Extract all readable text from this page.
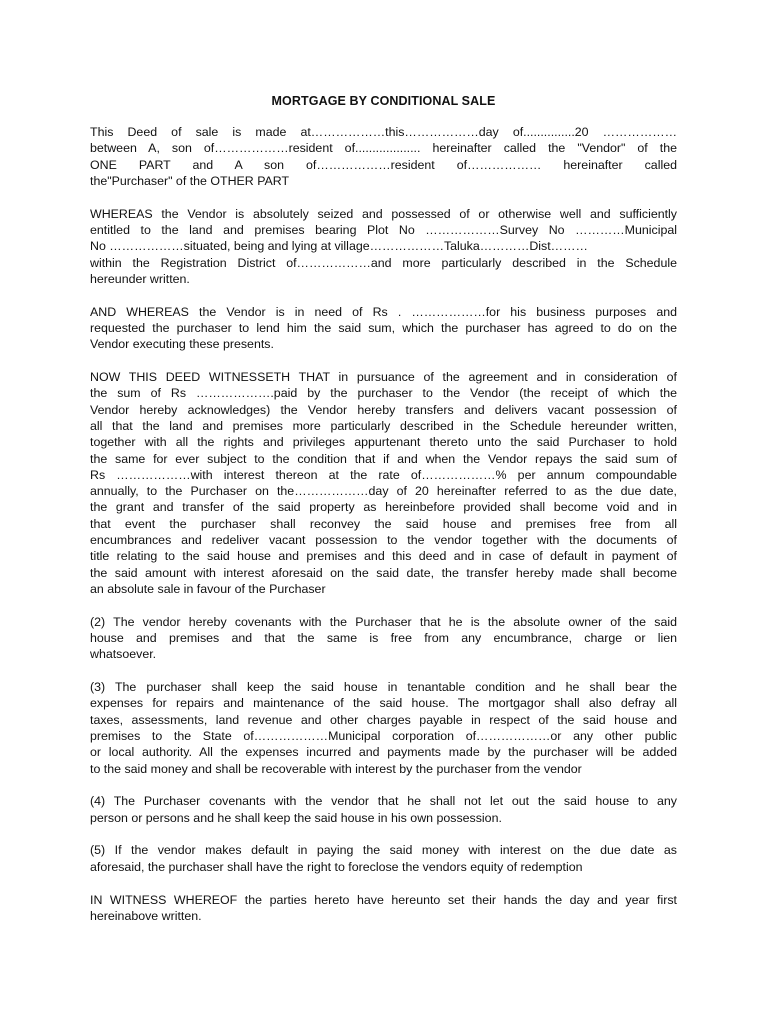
MORTGAGE BY CONDITIONAL SALE
This Deed of sale is made at………………this………………day of...............20 ………………
between A, son of………………resident of................... hereinafter called the "Vendor" of the
ONE PART and A son of………………resident of……………… hereinafter called
the"Purchaser" of the OTHER PART
WHEREAS the Vendor is absolutely seized and possessed of or otherwise well and sufficiently
entitled to the land and premises bearing Plot No ………………Survey No …………Municipal
No ………………situated, being and lying at village………………Taluka…………Dist………
within the Registration District of………………and more particularly described in the Schedule
hereunder written.
AND WHEREAS the Vendor is in need of Rs . ………………for his business purposes and
requested the purchaser to lend him the said sum, which the purchaser has agreed to do on the
Vendor executing these presents.
NOW THIS DEED WITNESSETH THAT in pursuance of the agreement and in consideration of
the sum of Rs ……………….paid by the purchaser to the Vendor (the receipt of which the
Vendor hereby acknowledges) the Vendor hereby transfers and delivers vacant possession of
all that the land and premises more particularly described in the Schedule hereunder written,
together with all the rights and privileges appurtenant thereto unto the said Purchaser to hold
the same for ever subject to the condition that if and when the Vendor repays the said sum of
Rs ………………with interest thereon at the rate of………………% per annum compoundable
annually, to the Purchaser on the………………day of 20 hereinafter referred to as the due date,
the grant and transfer of the said property as hereinbefore provided shall become void and in
that event the purchaser shall reconvey the said house and premises free from all
encumbrances and redeliver vacant possession to the vendor together with the documents of
title relating to the said house and premises and this deed and in case of default in payment of
the said amount with interest aforesaid on the said date, the transfer hereby made shall become
an absolute sale in favour of the Purchaser
(2) The vendor hereby covenants with the Purchaser that he is the absolute owner of the said
house and premises and that the same is free from any encumbrance, charge or lien
whatsoever.
(3) The purchaser shall keep the said house in tenantable condition and he shall bear the
expenses for repairs and maintenance of the said house. The mortgagor shall also defray all
taxes, assessments, land revenue and other charges payable in respect of the said house and
premises to the State of………………Municipal corporation of………………or any other public
or local authority. All the expenses incurred and payments made by the purchaser will be added
to the said money and shall be recoverable with interest by the purchaser from the vendor
(4) The Purchaser covenants with the vendor that he shall not let out the said house to any
person or persons and he shall keep the said house in his own possession.
(5) If the vendor makes default in paying the said money with interest on the due date as
aforesaid, the purchaser shall have the right to foreclose the vendors equity of redemption
IN WITNESS WHEREOF the parties hereto have hereunto set their hands the day and year first
hereinabove written.
